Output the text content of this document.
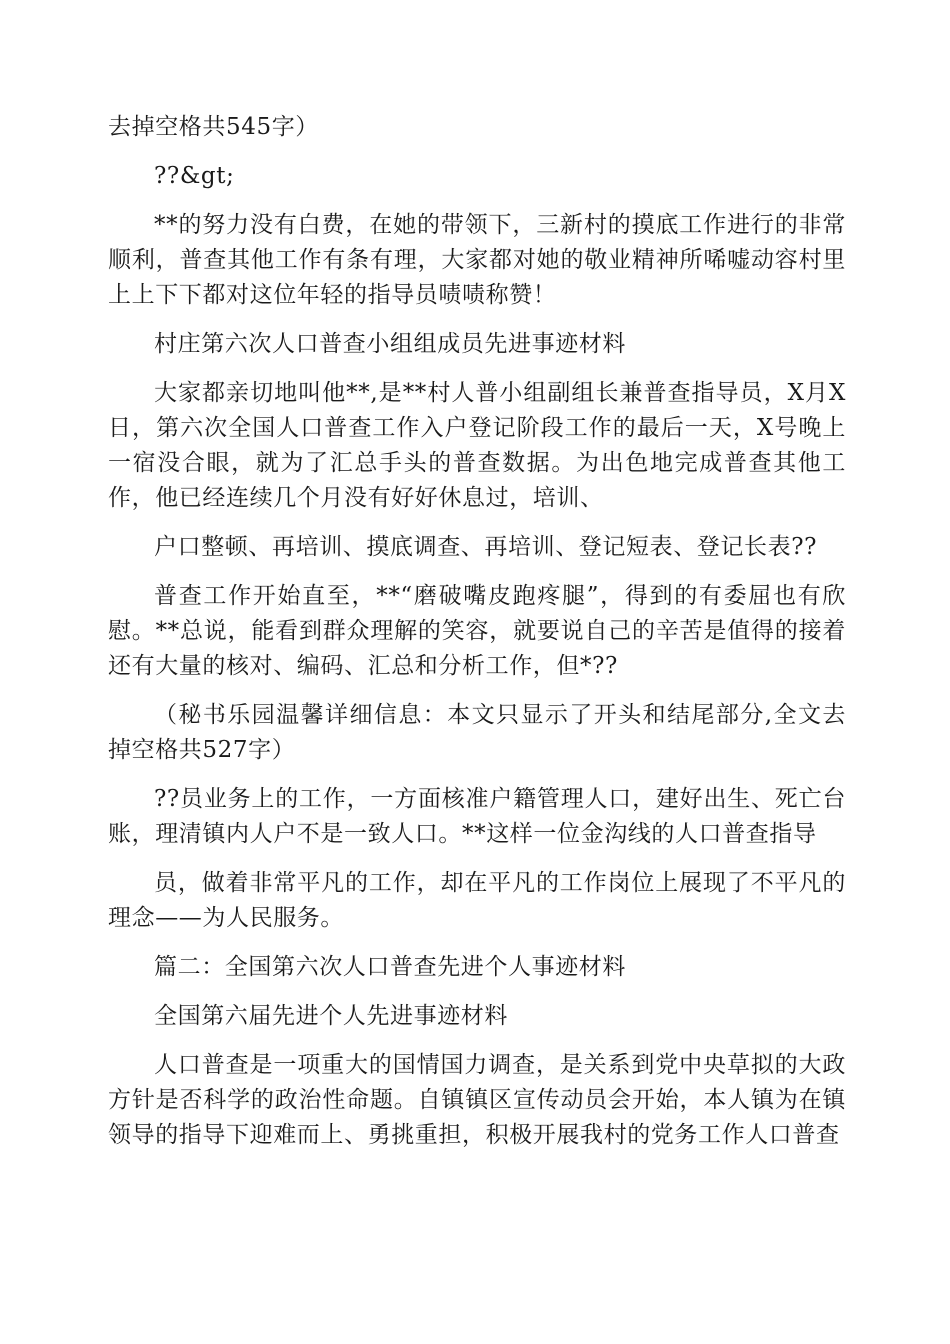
去掉空格共545字）

??&gt;

**的努力没有白费，在她的带领下，三新村的摸底工作进行的非常顺利，普查其他工作有条有理，大家都对她的敬业精神所唏嘘动容村里上上下下都对这位年轻的指导员啧啧称赞！

村庄第六次人口普查小组组成员先进事迹材料

大家都亲切地叫他**,是**村人普小组副组长兼普查指导员，X月X日，第六次全国人口普查工作入户登记阶段工作的最后一天，X号晚上一宿没合眼，就为了汇总手头的普查数据。为出色地完成普查其他工作，他已经连续几个月没有好好休息过，培训、

户口整顿、再培训、摸底调查、再培训、登记短表、登记长表??

普查工作开始直至，**“磨破嘴皮跑疼腿”，得到的有委屈也有欣慰。**总说，能看到群众理解的笑容，就要说自己的辛苦是值得的接着还有大量的核对、编码、汇总和分析工作，但*??

（秘书乐园温馨详细信息：本文只显示了开头和结尾部分,全文去掉空格共527字）

??员业务上的工作，一方面核准户籍管理人口，建好出生、死亡台账，理清镇内人户不是一致人口。**这样一位金沟线的人口普查指导

员，做着非常平凡的工作，却在平凡的工作岗位上展现了不平凡的理念——为人民服务。

篇二：全国第六次人口普查先进个人事迹材料

全国第六届先进个人先进事迹材料

人口普查是一项重大的国情国力调查，是关系到党中央草拟的大政方针是否科学的政治性命题。自镇镇区宣传动员会开始，本人镇为在镇领导的指导下迎难而上、勇挑重担，积极开展我村的党务工作人口普查
